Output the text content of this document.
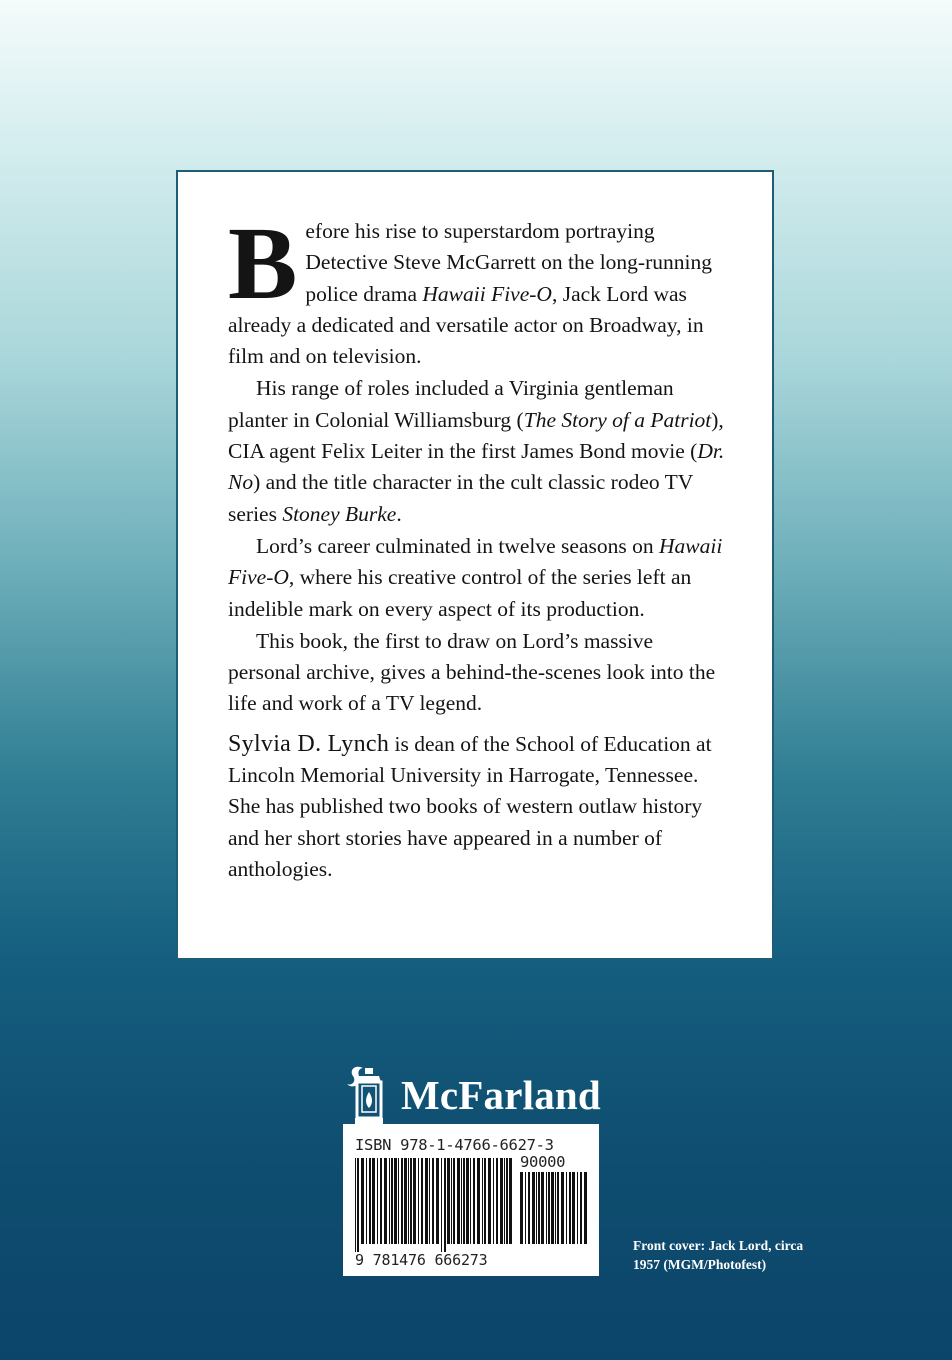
Before his rise to superstardom portraying Detective Steve McGarrett on the long-running police drama Hawaii Five-O, Jack Lord was already a dedicated and versatile actor on Broadway, in film and on television.

His range of roles included a Virginia gentleman planter in Colonial Williamsburg (The Story of a Patriot), CIA agent Felix Leiter in the first James Bond movie (Dr. No) and the title character in the cult classic rodeo TV series Stoney Burke.

Lord’s career culminated in twelve seasons on Hawaii Five-O, where his creative control of the series left an indelible mark on every aspect of its production.

This book, the first to draw on Lord’s massive personal archive, gives a behind-the-scenes look into the life and work of a TV legend.

Sylvia D. Lynch is dean of the School of Education at Lincoln Memorial University in Harrogate, Tennessee. She has published two books of western outlaw history and her short stories have appeared in a number of anthologies.
McFarland
ISBN 978-1-4766-6627-3
90000
9 781476 666273
Front cover: Jack Lord, circa 1957 (MGM/Photofest)
